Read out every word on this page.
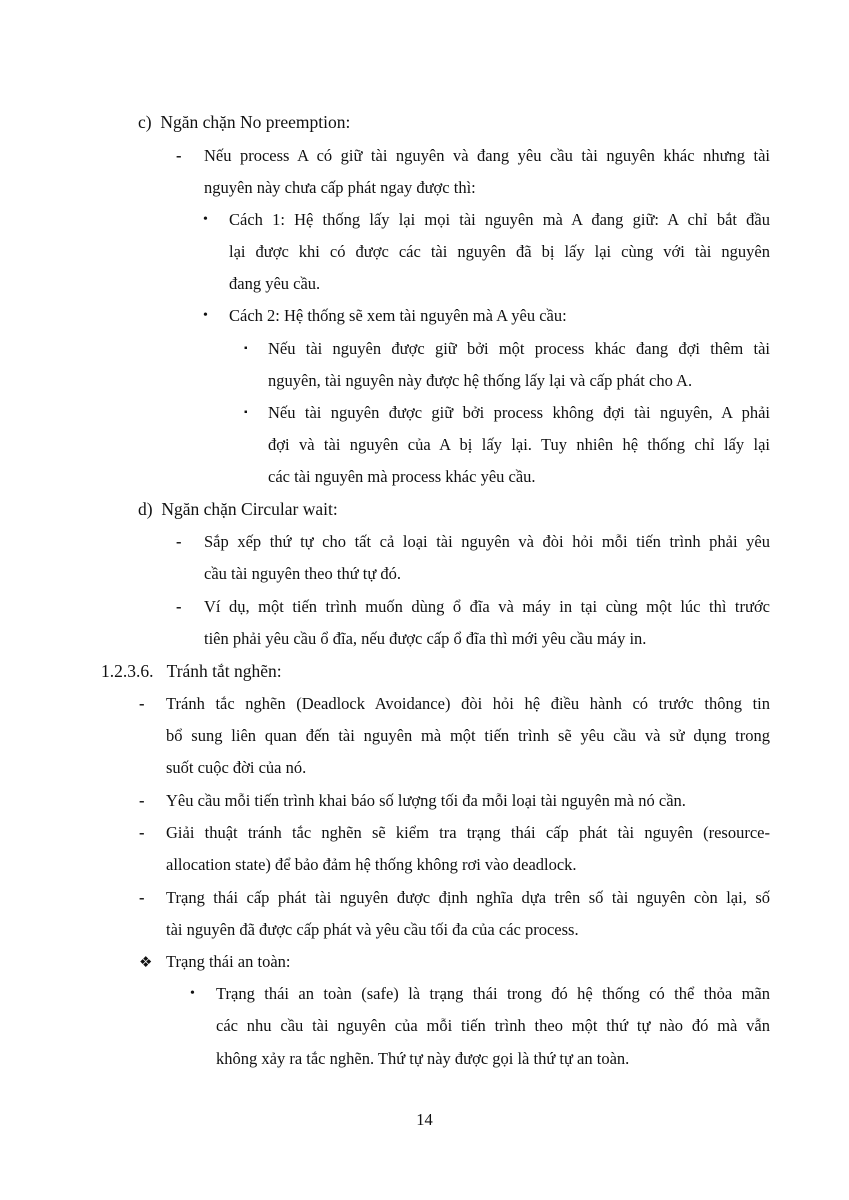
c)  Ngăn chặn No preemption:
- Nếu process A có giữ tài nguyên và đang yêu cầu tài nguyên khác nhưng tài
nguyên này chưa cấp phát ngay được thì:
• Cách 1: Hệ thống lấy lại mọi tài nguyên mà A đang giữ: A chỉ bắt đầu
lại được khi có được các tài nguyên đã bị lấy lại cùng với tài nguyên
đang yêu cầu.
• Cách 2: Hệ thống sẽ xem tài nguyên mà A yêu cầu:
▪ Nếu tài nguyên được giữ bởi một process khác đang đợi thêm tài
nguyên, tài nguyên này được hệ thống lấy lại và cấp phát cho A.
▪ Nếu tài nguyên được giữ bởi process không đợi tài nguyên, A phải
đợi và tài nguyên của A bị lấy lại. Tuy nhiên hệ thống chỉ lấy lại
các tài nguyên mà process khác yêu cầu.
d)  Ngăn chặn Circular wait:
- Sắp xếp thứ tự cho tất cả loại tài nguyên và đòi hỏi mỗi tiến trình phải yêu
cầu tài nguyên theo thứ tự đó.
- Ví dụ, một tiến trình muốn dùng ổ đĩa và máy in tại cùng một lúc thì trước
tiên phải yêu cầu ổ đĩa, nếu được cấp ổ đĩa thì mới yêu cầu máy in.
1.2.3.6.   Tránh tắt nghẽn:
- Tránh tắc nghẽn (Deadlock Avoidance) đòi hỏi hệ điều hành có trước thông tin
bổ sung liên quan đến tài nguyên mà một tiến trình sẽ yêu cầu và sử dụng trong
suốt cuộc đời của nó.
- Yêu cầu mỗi tiến trình khai báo số lượng tối đa mỗi loại tài nguyên mà nó cần.
- Giải thuật tránh tắc nghẽn sẽ kiểm tra trạng thái cấp phát tài nguyên (resource-
allocation state) để bảo đảm hệ thống không rơi vào deadlock.
- Trạng thái cấp phát tài nguyên được định nghĩa dựa trên số tài nguyên còn lại, số
tài nguyên đã được cấp phát và yêu cầu tối đa của các process.
❖ Trạng thái an toàn:
• Trạng thái an toàn (safe) là trạng thái trong đó hệ thống có thể thỏa mãn
các nhu cầu tài nguyên của mỗi tiến trình theo một thứ tự nào đó mà vẫn
không xảy ra tắc nghẽn. Thứ tự này được gọi là thứ tự an toàn.
14
